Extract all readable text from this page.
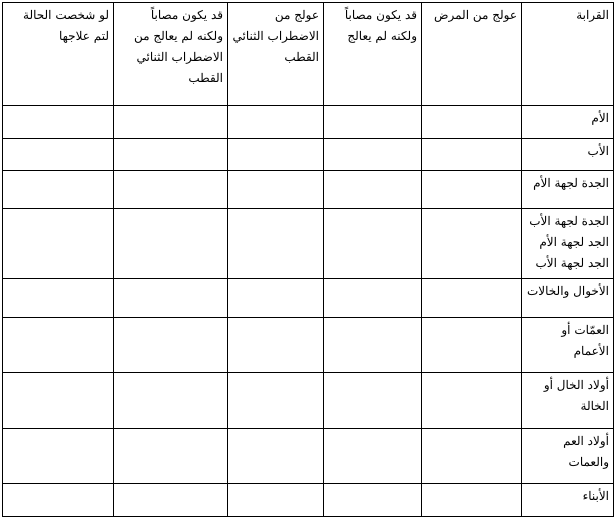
القرابة	عولج من المرض	قد يكون مصاباً
ولكنه لم يعالج	عولج من
الاضطراب الثنائي
القطب	قد يكون مصاباً
ولكنه لم يعالج من
الاضطراب الثنائي
القطب	لو شخصت الحالة
لتم علاجها

الأم					

الأب					

الجدة لجهة الأم					

الجدة لجهة الأب
الجد لجهة الأم
الجد لجهة الأب					

الأخوال والخالات					

العمّات أو
الأعمام					

أولاد الخال أو
الخالة					

أولاد العم
والعمات					

الأبناء					
